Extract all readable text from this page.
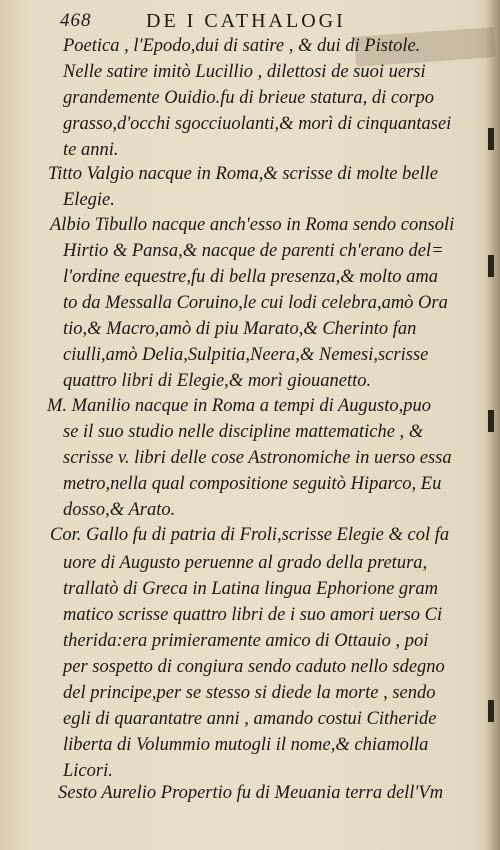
468	DE I CATHALOGI
Poetica , l'Epodo,dui di satire , & dui di Pistole.
Nelle satire imitò Lucillio , dilettosi de suoi uersi
grandemente Ouidio.fu di brieue statura, di corpo
grasso,d'occhi sgocciuolanti,& morì di cinquantasei
te anni.
Titto Valgio nacque in Roma,& scrisse di molte belle
Elegie.
Albio Tibullo nacque anch'esso in Roma sendo consoli
Hirtio & Pansa,& nacque de parenti ch'erano del=
l'ordine equestre,fu di bella presenza,& molto ama
to da Messalla Coruino,le cui lodi celebra,amò Ora
tio,& Macro,amò di piu Marato,& Cherinto fan
ciulli,amò Delia,Sulpitia,Neera,& Nemesi,scrisse
quattro libri di Elegie,& morì giouanetto.
M. Manilio nacque in Roma a tempi di Augusto,puo
se il suo studio nelle discipline mattematiche , &
scrisse v. libri delle cose Astronomiche in uerso essa
metro,nella qual compositione seguitò Hiparco, Eu
dosso,& Arato.
Cor. Gallo fu di patria di Froli,scrisse Elegie & col fa
uore di Augusto peruenne al grado della pretura,
trallatò di Greca in Latina lingua Ephorione gram
matico scrisse quattro libri de i suo amori uerso Ci
therida:era primieramente amico di Ottauio , poi
per sospetto di congiura sendo caduto nello sdegno
del principe,per se stesso si diede la morte , sendo
egli di quarantatre anni , amando costui Citheride
liberta di Volummio mutogli il nome,& chiamolla
Licori.
Sesto Aurelio Propertio fu di Meuania terra dell'Vm
